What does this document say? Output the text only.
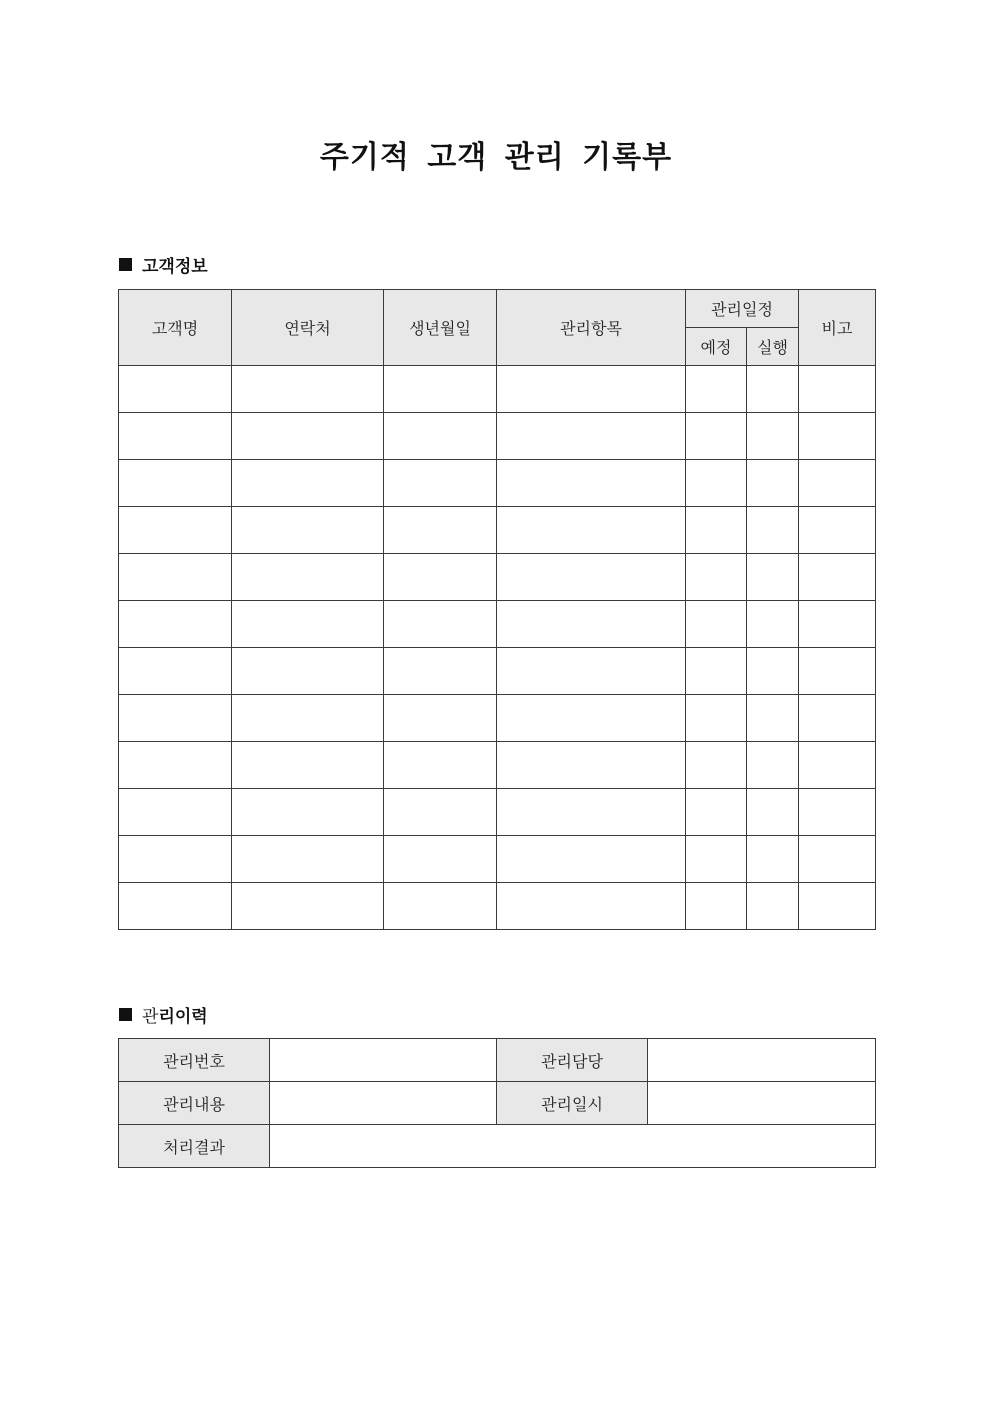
주기적 고객 관리 기록부
고객정보
고객명	연락처	생년월일	관리항목	관리일정		비고
				예정	실행	

관 리이력
관리번호		관리담당	
관리내용		관리일시	
처리결과			
